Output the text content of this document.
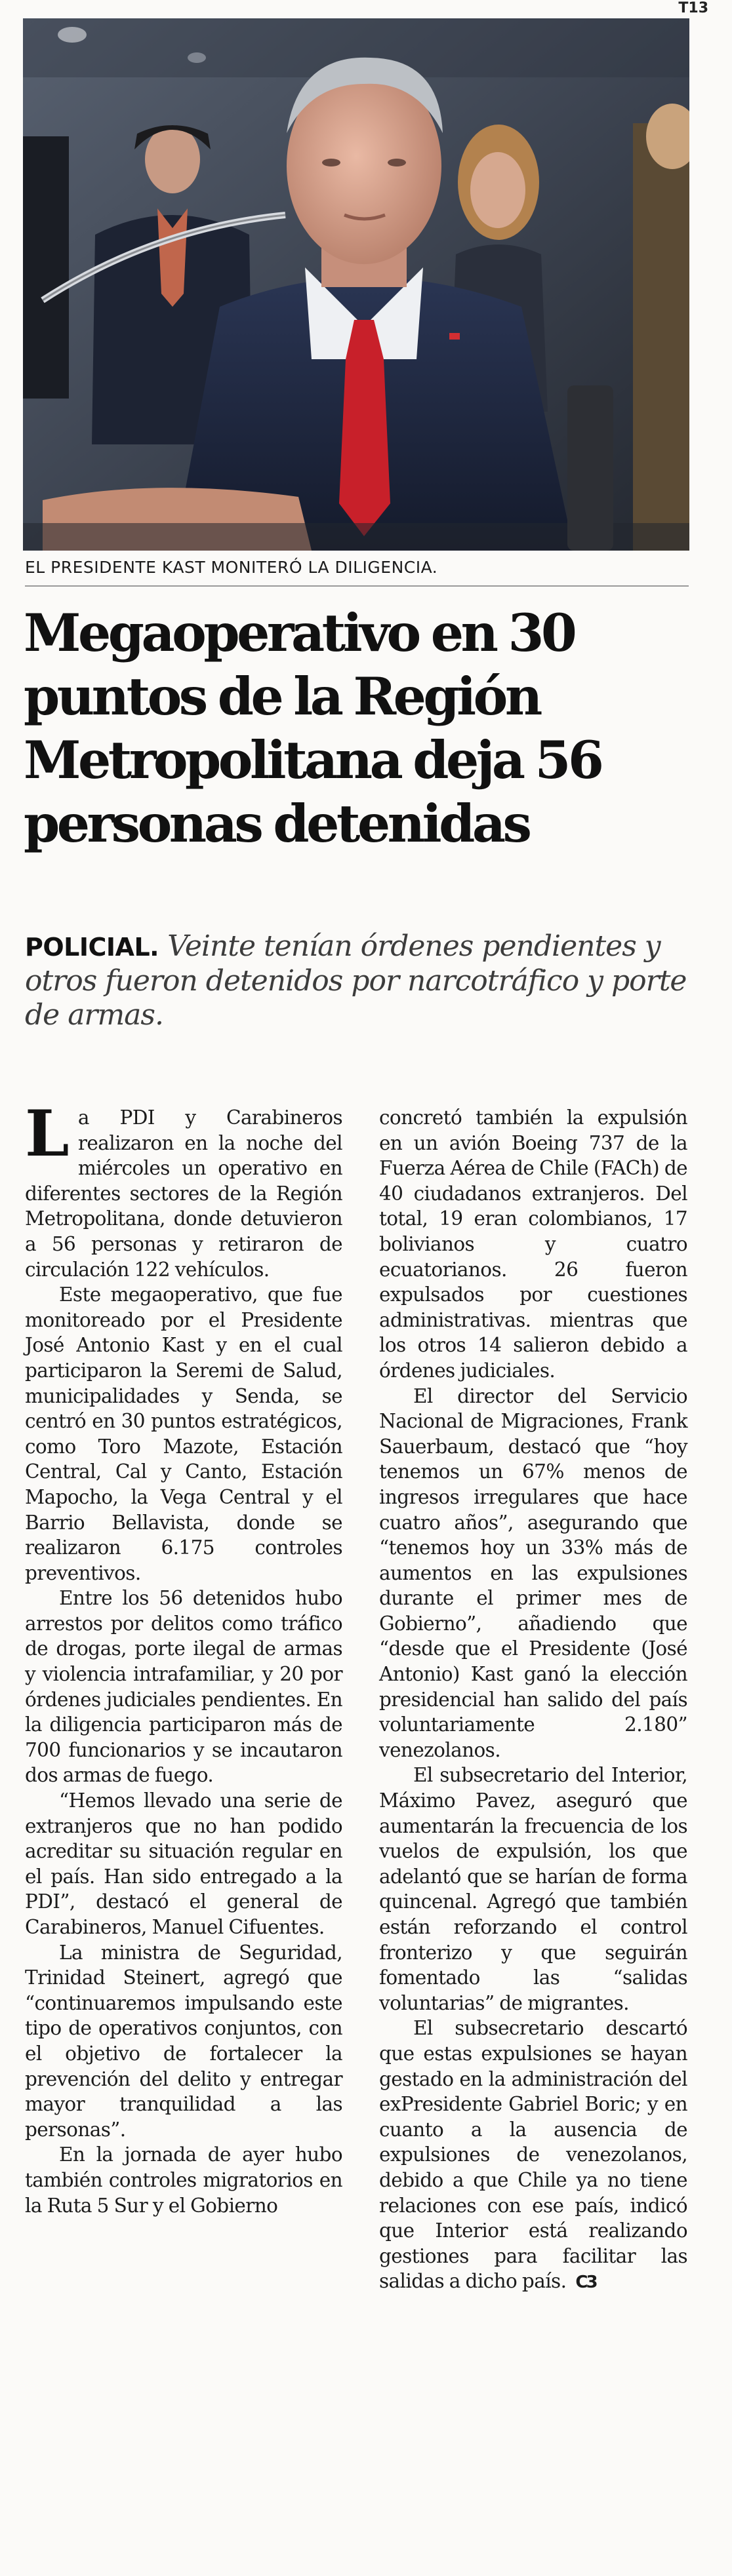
T13
EL PRESIDENTE KAST MONITERÓ LA DILIGENCIA.
Megaoperativo en 30 puntos de la Región Metropolitana deja 56 personas detenidas

POLICIAL. Veinte tenían órdenes pendientes y otros fueron detenidos por narcotráfico y porte de armas.

La PDI y Carabineros realizaron en la noche del miércoles un operativo en diferentes sectores de la Región Metropolitana, donde detuvieron a 56 personas y retiraron de circulación 122 vehículos.

Este megaoperativo, que fue monitoreado por el Presidente José Antonio Kast y en el cual participaron la Seremi de Salud, municipalidades y Senda, se centró en 30 puntos estratégicos, como Toro Mazote, Estación Central, Cal y Canto, Estación Mapocho, la Vega Central y el Barrio Bellavista, donde se realizaron 6.175 controles preventivos.

Entre los 56 detenidos hubo arrestos por delitos como tráfico de drogas, porte ilegal de armas y violencia intrafamiliar, y 20 por órdenes judiciales pendientes. En la diligencia participaron más de 700 funcionarios y se incautaron dos armas de fuego.

“Hemos llevado una serie de extranjeros que no han podido acreditar su situación regular en el país. Han sido entregado a la PDI”, destacó el general de Carabineros, Manuel Cifuentes.

La ministra de Seguridad, Trinidad Steinert, agregó que “continuaremos impulsando este tipo de operativos conjuntos, con el objetivo de fortalecer la prevención del delito y entregar mayor tranquilidad a las personas”.

En la jornada de ayer hubo también controles migratorios en la Ruta 5 Sur y el Gobierno

concretó también la expulsión en un avión Boeing 737 de la Fuerza Aérea de Chile (FACh) de 40 ciudadanos extranjeros. Del total, 19 eran colombianos, 17 bolivianos y cuatro ecuatorianos. 26 fueron expulsados por cuestiones administrativas. mientras que los otros 14 salieron debido a órdenes judiciales.

El director del Servicio Nacional de Migraciones, Frank Sauerbaum, destacó que “hoy tenemos un 67% menos de ingresos irregulares que hace cuatro años”, asegurando que “tenemos hoy un 33% más de aumentos en las expulsiones durante el primer mes de Gobierno”, añadiendo que “desde que el Presidente (José Antonio) Kast ganó la elección presidencial han salido del país voluntariamente 2.180” venezolanos.

El subsecretario del Interior, Máximo Pavez, aseguró que aumentarán la frecuencia de los vuelos de expulsión, los que adelantó que se harían de forma quincenal. Agregó que también están reforzando el control fronterizo y que seguirán fomentado las “salidas voluntarias” de migrantes.

El subsecretario descartó que estas expulsiones se hayan gestado en la administración del exPresidente Gabriel Boric; y en cuanto a la ausencia de expulsiones de venezolanos, debido a que Chile ya no tiene relaciones con ese país, indicó que Interior está realizando gestiones para facilitar las salidas a dicho país. C3
